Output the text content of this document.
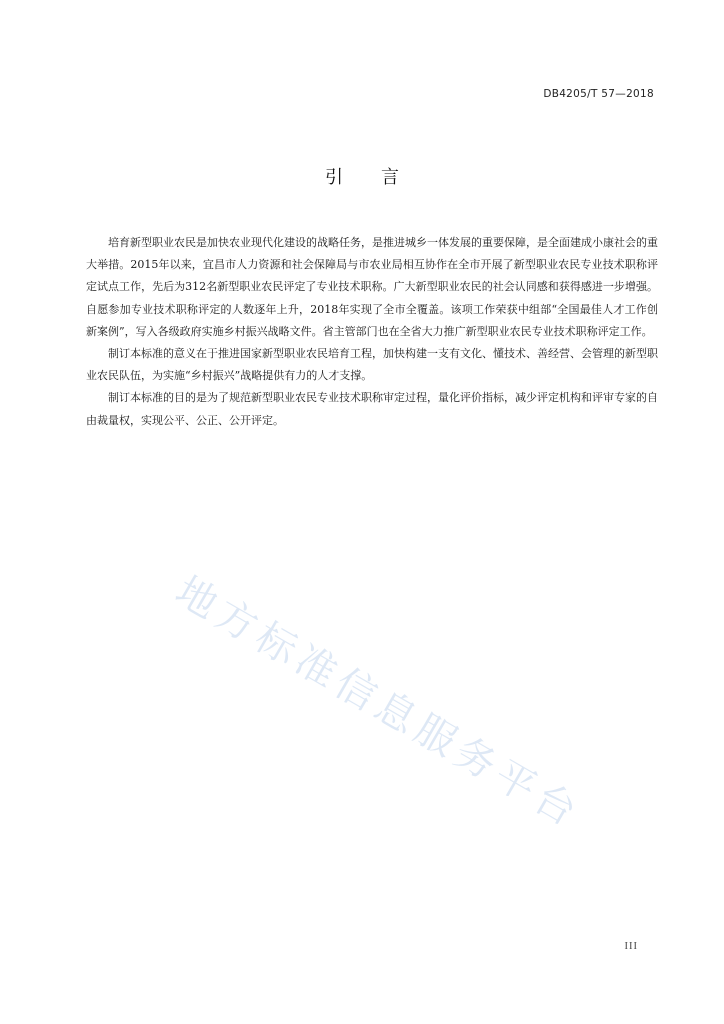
DB4205/T 57—2018
引 言

培育新型职业农民是加快农业现代化建设的战略任务，是推进城乡一体发展的重要保障，是全面建成小康社会的重大举措。2015年以来，宜昌市人力资源和社会保障局与市农业局相互协作在全市开展了新型职业农民专业技术职称评定试点工作，先后为312名新型职业农民评定了专业技术职称。广大新型职业农民的社会认同感和获得感进一步增强。自愿参加专业技术职称评定的人数逐年上升，2018年实现了全市全覆盖。该项工作荣获中组部“全国最佳人才工作创新案例”，写入各级政府实施乡村振兴战略文件。省主管部门也在全省大力推广新型职业农民专业技术职称评定工作。

制订本标准的意义在于推进国家新型职业农民培育工程，加快构建一支有文化、懂技术、善经营、会管理的新型职业农民队伍，为实施“乡村振兴”战略提供有力的人才支撑。

制订本标准的目的是为了规范新型职业农民专业技术职称审定过程，量化评价指标，减少评定机构和评审专家的自由裁量权，实现公平、公正、公开评定。

地方标准信息服务平台
III
